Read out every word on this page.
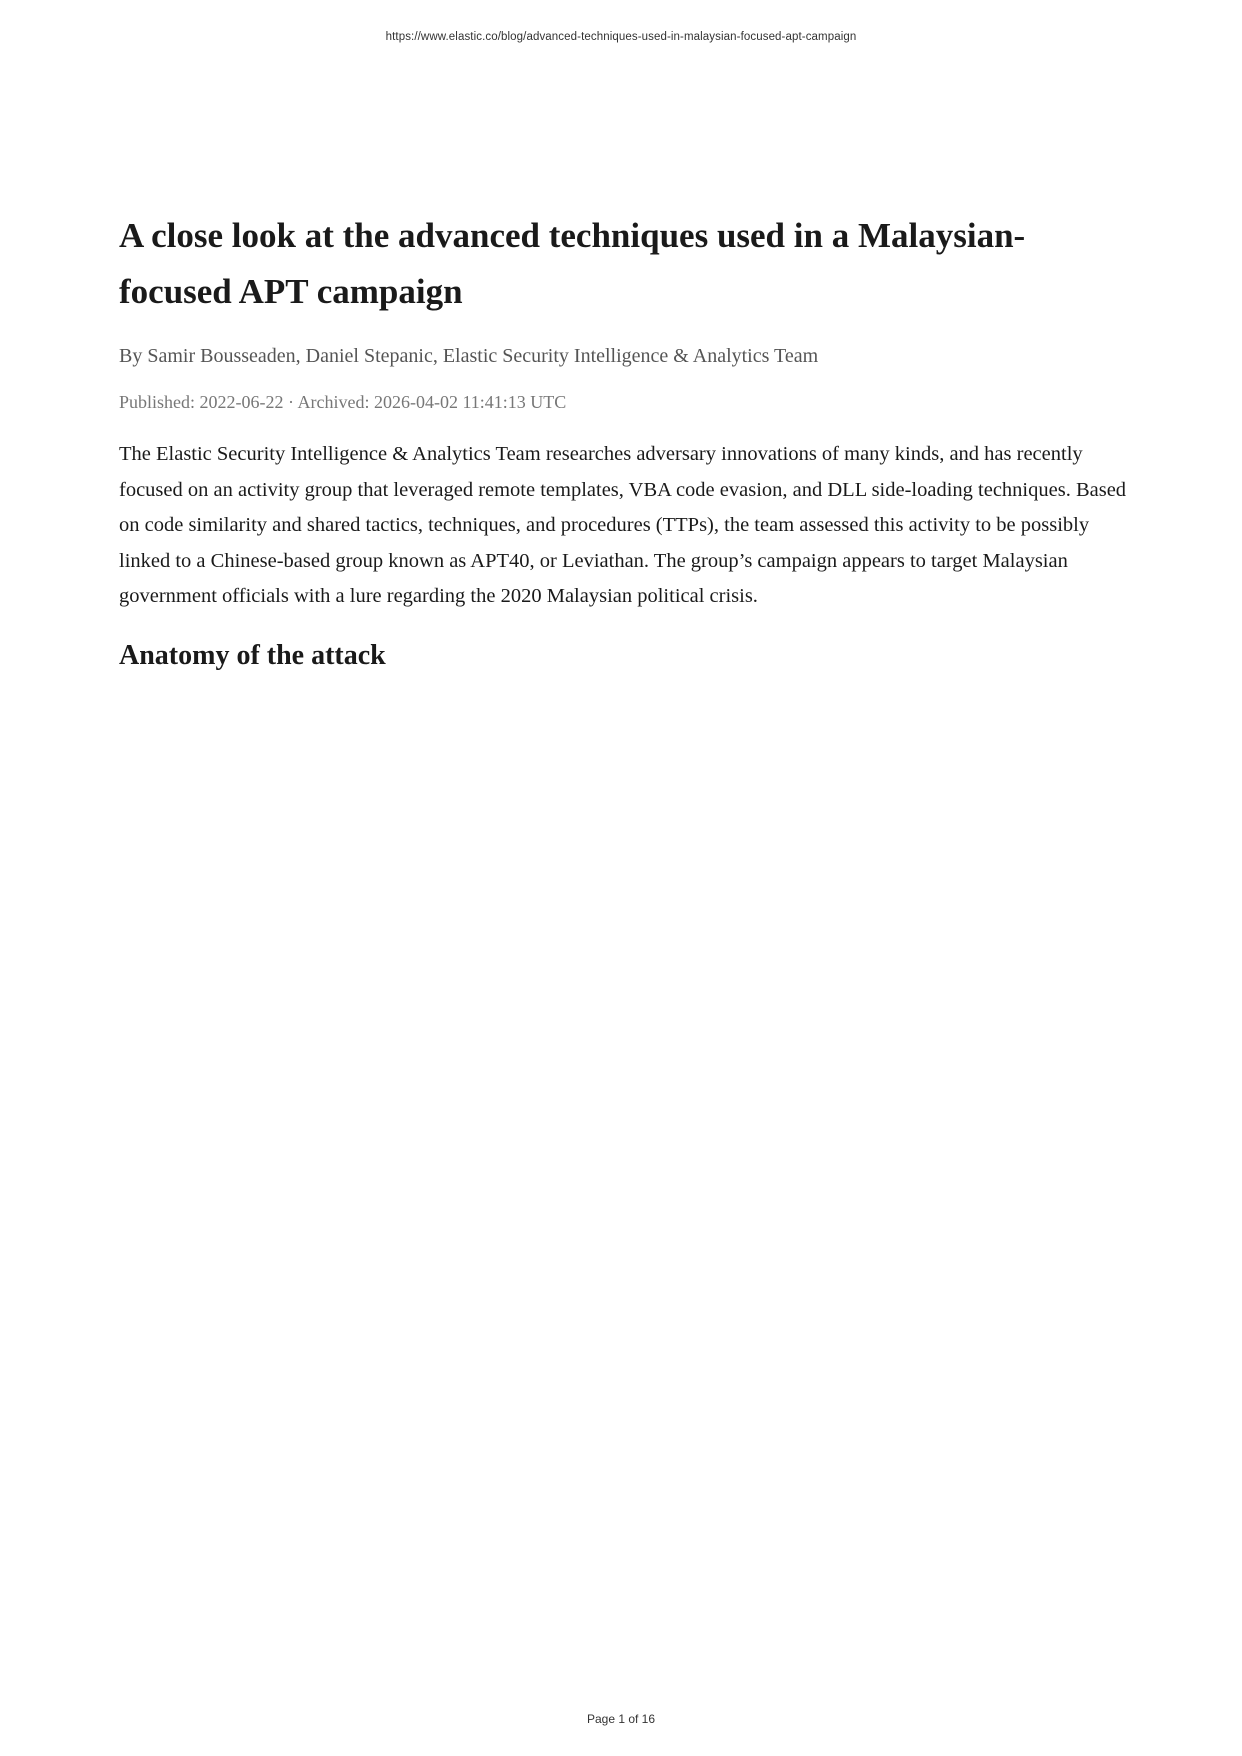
https://www.elastic.co/blog/advanced-techniques-used-in-malaysian-focused-apt-campaign
A close look at the advanced techniques used in a Malaysian-focused APT campaign

By Samir Bousseaden, Daniel Stepanic, Elastic Security Intelligence & Analytics Team

Published: 2022-06-22 · Archived: 2026-04-02 11:41:13 UTC

The Elastic Security Intelligence & Analytics Team researches adversary innovations of many kinds, and has recently focused on an activity group that leveraged remote templates, VBA code evasion, and DLL side-loading techniques. Based on code similarity and shared tactics, techniques, and procedures (TTPs), the team assessed this activity to be possibly linked to a Chinese-based group known as APT40, or Leviathan. The group’s campaign appears to target Malaysian government officials with a lure regarding the 2020 Malaysian political crisis.

Anatomy of the attack
Page 1 of 16
